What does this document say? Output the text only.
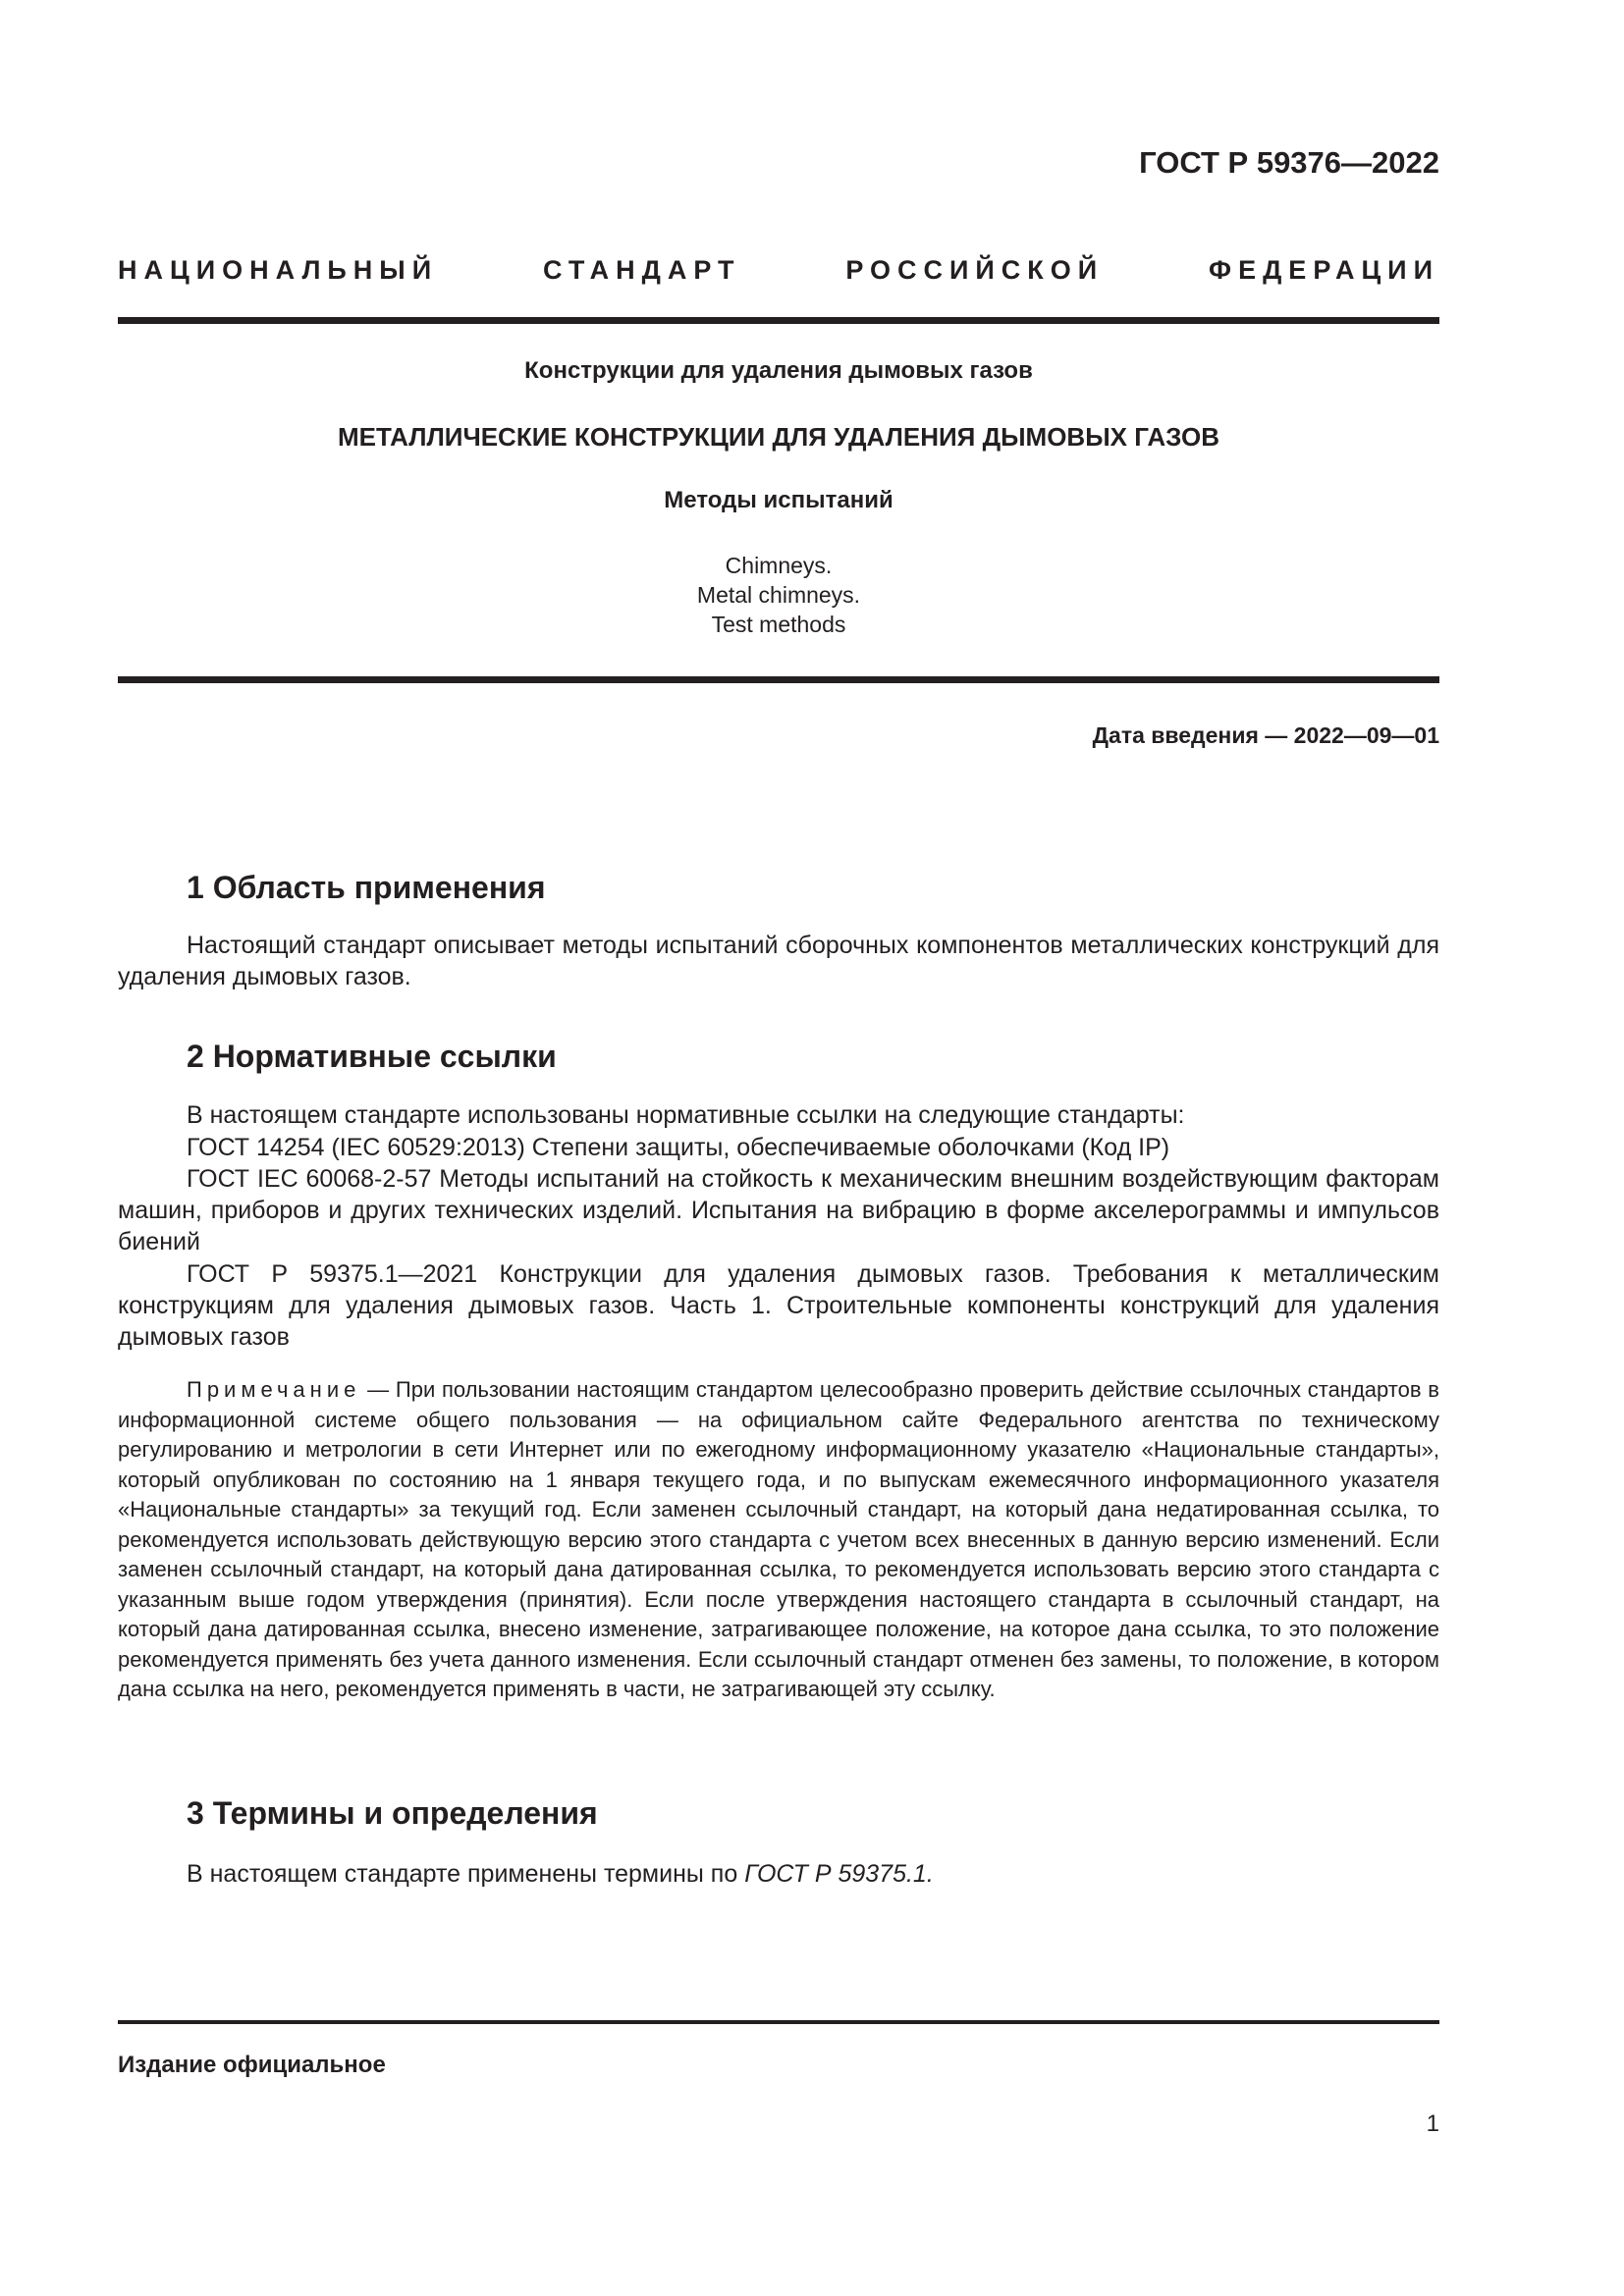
ГОСТ Р 59376—2022
НАЦИОНАЛЬНЫЙ СТАНДАРТ РОССИЙСКОЙ ФЕДЕРАЦИИ
Конструкции для удаления дымовых газов
МЕТАЛЛИЧЕСКИЕ КОНСТРУКЦИИ ДЛЯ УДАЛЕНИЯ ДЫМОВЫХ ГАЗОВ
Методы испытаний
Chimneys.
Metal chimneys.
Test methods
Дата введения — 2022—09—01
1 Область применения
Настоящий стандарт описывает методы испытаний сборочных компонентов металлических конструкций для удаления дымовых газов.
2 Нормативные ссылки
В настоящем стандарте использованы нормативные ссылки на следующие стандарты:
ГОСТ 14254 (IEC 60529:2013) Степени защиты, обеспечиваемые оболочками (Код IP)
ГОСТ IEC 60068-2-57 Методы испытаний на стойкость к механическим внешним воздействующим факторам машин, приборов и других технических изделий. Испытания на вибрацию в форме акселерограммы и импульсов биений
ГОСТ Р 59375.1—2021 Конструкции для удаления дымовых газов. Требования к металлическим конструкциям для удаления дымовых газов. Часть 1. Строительные компоненты конструкций для удаления дымовых газов
Примечание — При пользовании настоящим стандартом целесообразно проверить действие ссылочных стандартов в информационной системе общего пользования — на официальном сайте Федерального агентства по техническому регулированию и метрологии в сети Интернет или по ежегодному информационному указателю «Национальные стандарты», который опубликован по состоянию на 1 января текущего года, и по выпускам ежемесячного информационного указателя «Национальные стандарты» за текущий год. Если заменен ссылочный стандарт, на который дана недатированная ссылка, то рекомендуется использовать действующую версию этого стандарта с учетом всех внесенных в данную версию изменений. Если заменен ссылочный стандарт, на который дана датированная ссылка, то рекомендуется использовать версию этого стандарта с указанным выше годом утверждения (принятия). Если после утверждения настоящего стандарта в ссылочный стандарт, на который дана датированная ссылка, внесено изменение, затрагивающее положение, на которое дана ссылка, то это положение рекомендуется применять без учета данного изменения. Если ссылочный стандарт отменен без замены, то положение, в котором дана ссылка на него, рекомендуется применять в части, не затрагивающей эту ссылку.
3 Термины и определения
В настоящем стандарте применены термины по ГОСТ Р 59375.1.
Издание официальное
1
